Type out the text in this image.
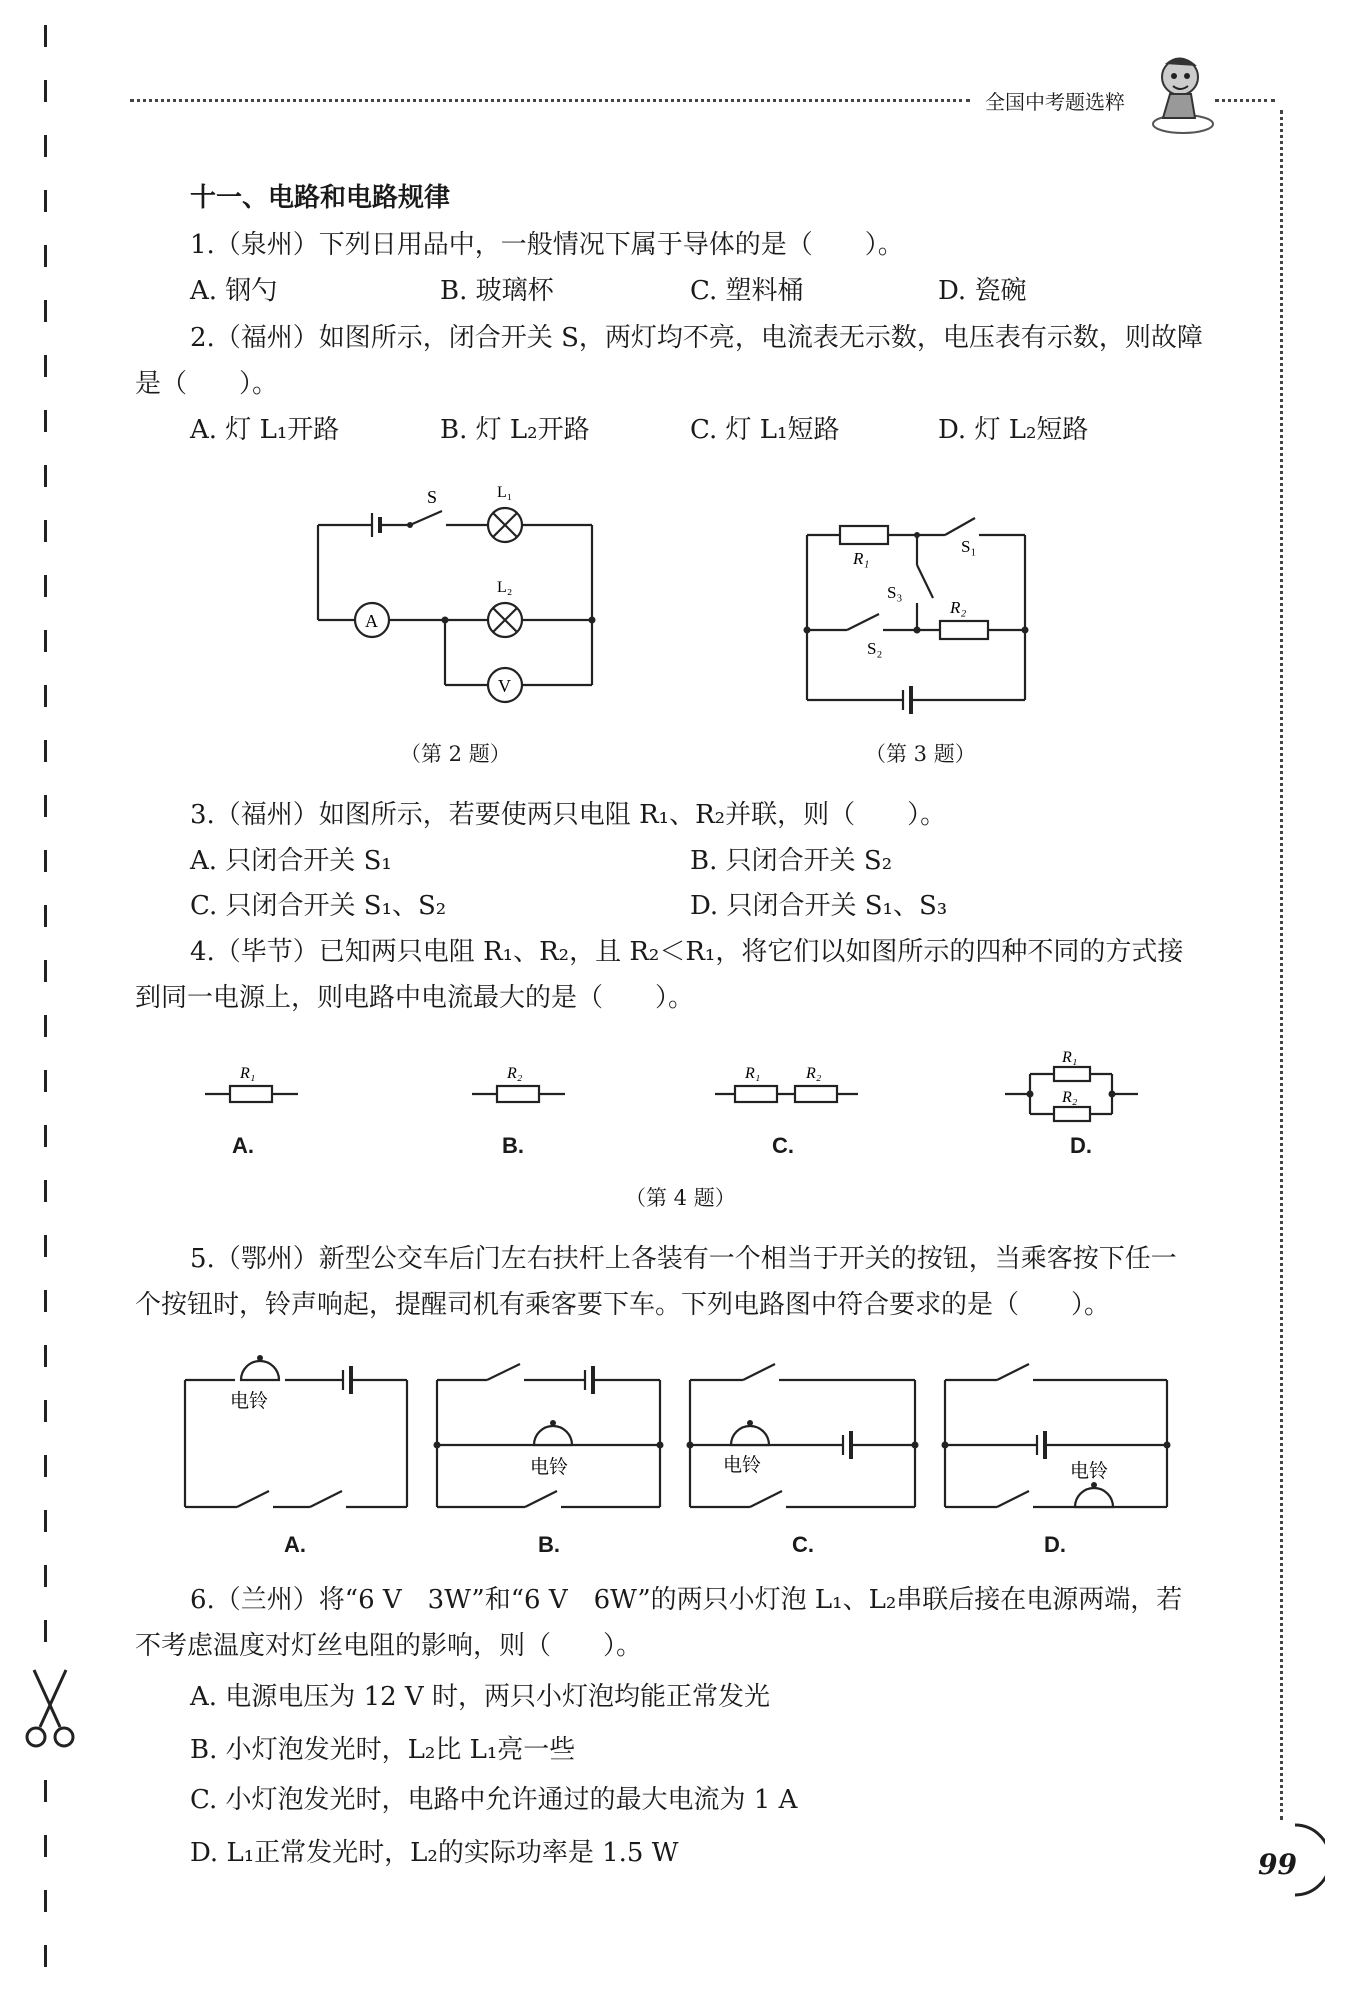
全国中考题选粹
十一、电路和电路规律
1.（泉州）下列日用品中，一般情况下属于导体的是（　　）。
A. 钢勺	B. 玻璃杯	C. 塑料桶	D. 瓷碗
2.（福州）如图所示，闭合开关 S，两灯均不亮，电流表无示数，电压表有示数，则故障
是（　　）。
A. 灯 L₁开路	B. 灯 L₂开路	C. 灯 L₁短路	D. 灯 L₂短路
S	L₁
L₂
A
V
（第 2 题）
R₁
S₁
S₃
R₂
S₂
（第 3 题）
3.（福州）如图所示，若要使两只电阻 R₁、R₂并联，则（　　）。
A. 只闭合开关 S₁	B. 只闭合开关 S₂
C. 只闭合开关 S₁、S₂	D. 只闭合开关 S₁、S₃
4.（毕节）已知两只电阻 R₁、R₂，且 R₂＜R₁，将它们以如图所示的四种不同的方式接
到同一电源上，则电路中电流最大的是（　　）。
R₁	R₂	R₁	R₂
R₁
R₂
A.	B.	C.	D.
（第 4 题）
5.（鄂州）新型公交车后门左右扶杆上各装有一个相当于开关的按钮，当乘客按下任一
个按钮时，铃声响起，提醒司机有乘客要下车。下列电路图中符合要求的是（　　）。
电铃
电铃	电铃	电铃
A.	B.	C.	D.
6.（兰州）将“6 V　3W”和“6 V　6W”的两只小灯泡 L₁、L₂串联后接在电源两端，若
不考虑温度对灯丝电阻的影响，则（　　）。
A. 电源电压为 12 V 时，两只小灯泡均能正常发光
B. 小灯泡发光时，L₂比 L₁亮一些
C. 小灯泡发光时，电路中允许通过的最大电流为 1 A
D. L₁正常发光时，L₂的实际功率是 1.5 W	99
